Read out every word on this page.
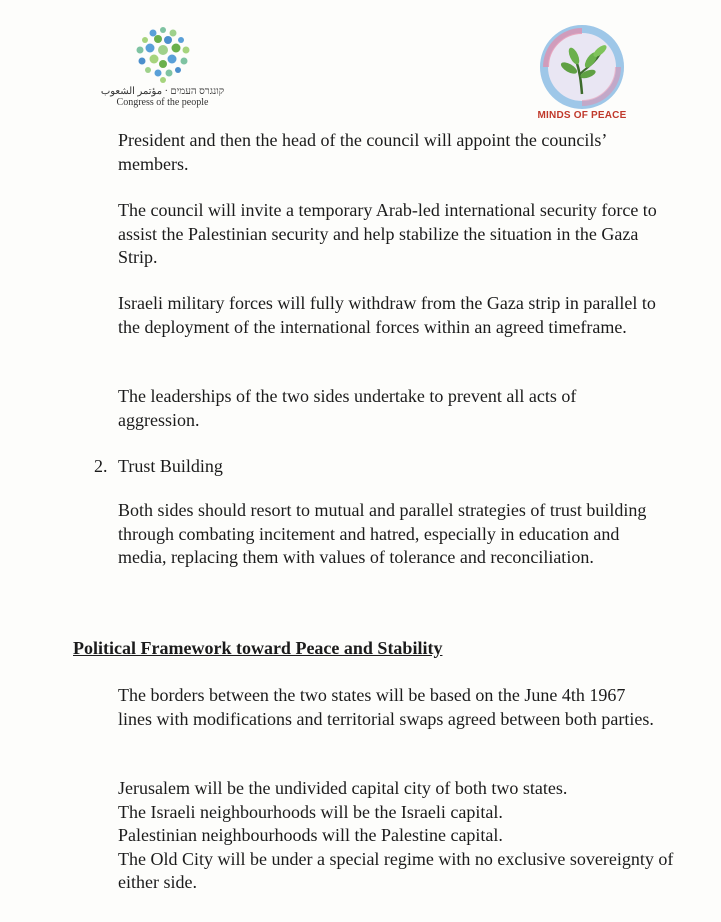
קונגרס העמים · مؤتمر الشعوب
Congress of the people
MINDS OF PEACE

President and then the head of the council will appoint the councils’ members.

The council will invite a temporary Arab-led international security force to assist the Palestinian security and help stabilize the situation in the Gaza Strip.

Israeli military forces will fully withdraw from the Gaza strip in parallel to the deployment of the international forces within an agreed timeframe.

The leaderships of the two sides undertake to prevent all acts of aggression.

2. Trust Building

Both sides should resort to mutual and parallel strategies of trust building through combating incitement and hatred, especially in education and media, replacing them with values of tolerance and reconciliation.

Political Framework toward Peace and Stability

The borders between the two states will be based on the June 4th 1967 lines with modifications and territorial swaps agreed between both parties.

Jerusalem will be the undivided capital city of both two states.

The Israeli neighbourhoods will be the Israeli capital.

Palestinian neighbourhoods will the Palestine capital.

The Old City will be under a special regime with no exclusive sovereignty of either side.
